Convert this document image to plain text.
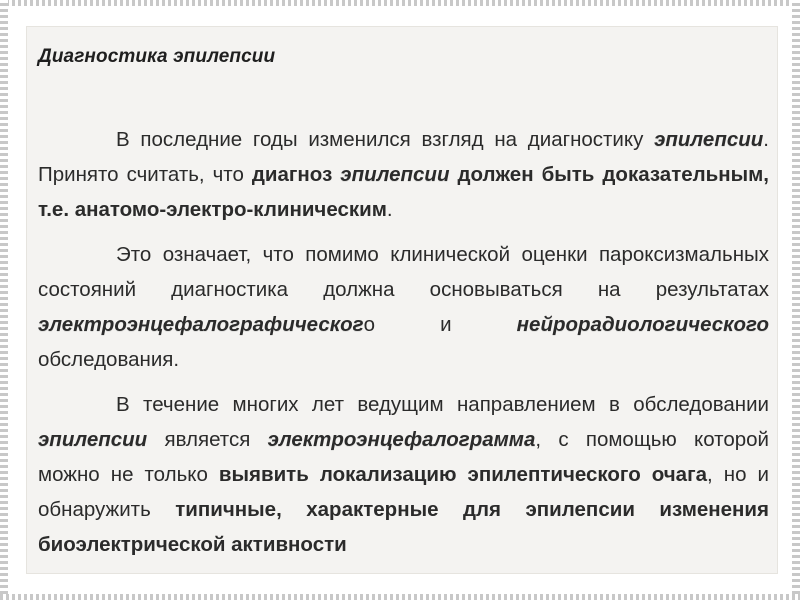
Диагностика эпилепсии

В последние годы изменился взгляд на диагностику эпилепсии. Принято считать, что диагноз эпилепсии должен быть доказательным, т.е. анатомо-электро-клиническим.

Это означает, что помимо клинической оценки пароксизмальных состояний диагностика должна основываться на результатах электроэнцефалографического и нейрорадиологического обследования.

В течение многих лет ведущим направлением в обследовании эпилепсии является электроэнцефалограмма, с помощью которой можно не только выявить локализацию эпилептического очага, но и обнаружить типичные, характерные для эпилепсии изменения биоэлектрической активности
